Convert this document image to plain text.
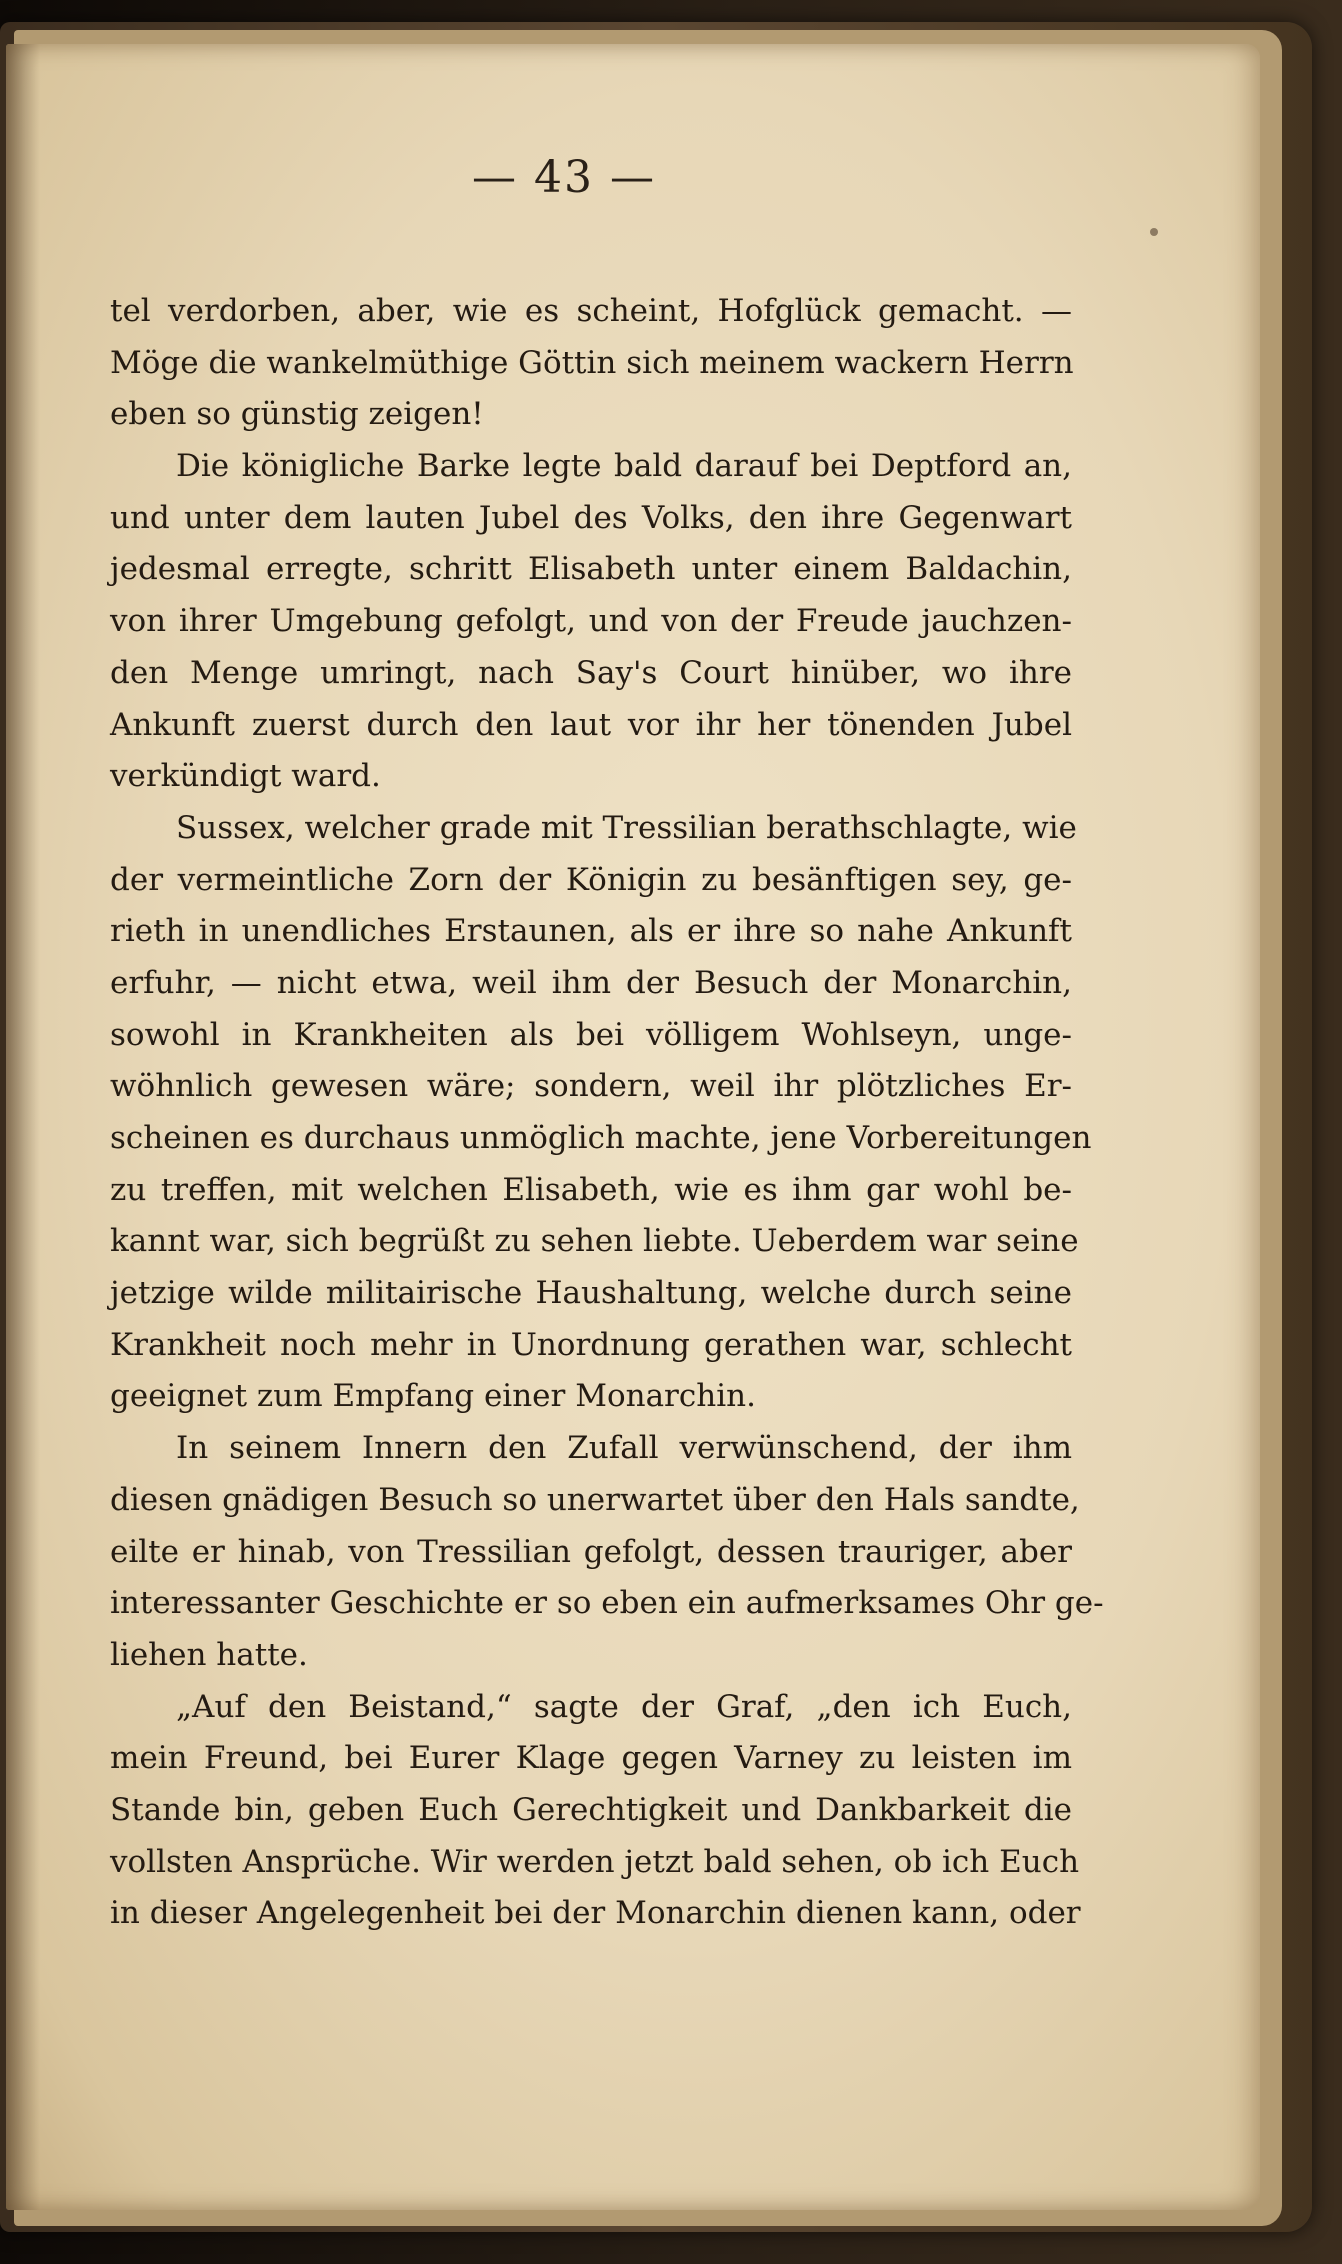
— 43 —
tel verdorben, aber, wie es scheint, Hofglück gemacht. —
Möge die wankelmüthige Göttin sich meinem wackern Herrn
eben so günstig zeigen!
Die königliche Barke legte bald darauf bei Deptford an,
und unter dem lauten Jubel des Volks, den ihre Gegenwart
jedesmal erregte, schritt Elisabeth unter einem Baldachin,
von ihrer Umgebung gefolgt, und von der Freude jauchzen-
den Menge umringt, nach Say's Court hinüber, wo ihre
Ankunft zuerst durch den laut vor ihr her tönenden Jubel
verkündigt ward.
Sussex, welcher grade mit Tressilian berathschlagte, wie
der vermeintliche Zorn der Königin zu besänftigen sey, ge-
rieth in unendliches Erstaunen, als er ihre so nahe Ankunft
erfuhr, — nicht etwa, weil ihm der Besuch der Monarchin,
sowohl in Krankheiten als bei völligem Wohlseyn, unge-
wöhnlich gewesen wäre; sondern, weil ihr plötzliches Er-
scheinen es durchaus unmöglich machte, jene Vorbereitungen
zu treffen, mit welchen Elisabeth, wie es ihm gar wohl be-
kannt war, sich begrüßt zu sehen liebte. Ueberdem war seine
jetzige wilde militairische Haushaltung, welche durch seine
Krankheit noch mehr in Unordnung gerathen war, schlecht
geeignet zum Empfang einer Monarchin.
In seinem Innern den Zufall verwünschend, der ihm
diesen gnädigen Besuch so unerwartet über den Hals sandte,
eilte er hinab, von Tressilian gefolgt, dessen trauriger, aber
interessanter Geschichte er so eben ein aufmerksames Ohr ge-
liehen hatte.
„Auf den Beistand,“ sagte der Graf, „den ich Euch,
mein Freund, bei Eurer Klage gegen Varney zu leisten im
Stande bin, geben Euch Gerechtigkeit und Dankbarkeit die
vollsten Ansprüche. Wir werden jetzt bald sehen, ob ich Euch
in dieser Angelegenheit bei der Monarchin dienen kann, oder
